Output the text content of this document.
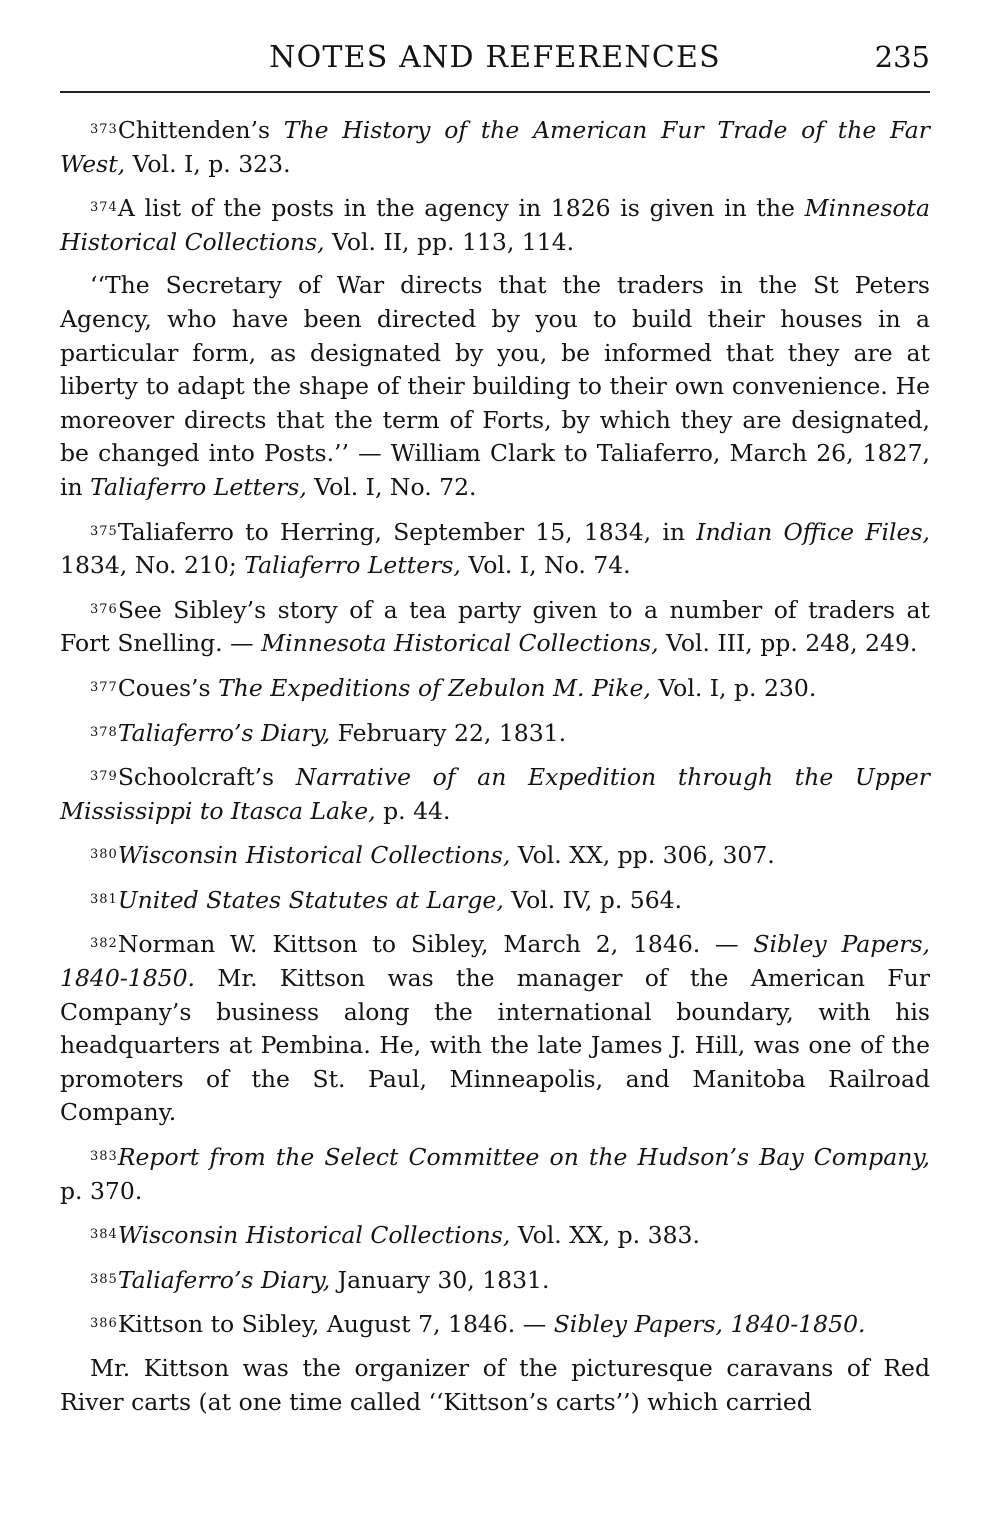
NOTES AND REFERENCES	235

$^{373}$Chittenden’s The History of the American Fur Trade of the Far West, Vol. I, p. 323.

$^{374}$A list of the posts in the agency in 1826 is given in the Minnesota Historical Collections, Vol. II, pp. 113, 114.

‘‘The Secretary of War directs that the traders in the St Peters Agency, who have been directed by you to build their houses in a particular form, as designated by you, be informed that they are at liberty to adapt the shape of their building to their own convenience. He moreover directs that the term of Forts, by which they are designated, be changed into Posts.’’ — William Clark to Taliaferro, March 26, 1827, in Taliaferro Letters, Vol. I, No. 72.

$^{375}$Taliaferro to Herring, September 15, 1834, in Indian Office Files, 1834, No. 210; Taliaferro Letters, Vol. I, No. 74.

$^{376}$See Sibley’s story of a tea party given to a number of traders at Fort Snelling. — Minnesota Historical Collections, Vol. III, pp. 248, 249.

$^{377}$Coues’s The Expeditions of Zebulon M. Pike, Vol. I, p. 230.

$^{378}$Taliaferro’s Diary, February 22, 1831.

$^{379}$Schoolcraft’s Narrative of an Expedition through the Upper Mississippi to Itasca Lake, p. 44.

$^{380}$Wisconsin Historical Collections, Vol. XX, pp. 306, 307.

$^{381}$United States Statutes at Large, Vol. IV, p. 564.

$^{382}$Norman W. Kittson to Sibley, March 2, 1846. — Sibley Papers, 1840-1850. Mr. Kittson was the manager of the American Fur Company’s business along the international boundary, with his headquarters at Pembina. He, with the late James J. Hill, was one of the promoters of the St. Paul, Minneapolis, and Manitoba Railroad Company.

$^{383}$Report from the Select Committee on the Hudson’s Bay Company, p. 370.

$^{384}$Wisconsin Historical Collections, Vol. XX, p. 383.

$^{385}$Taliaferro’s Diary, January 30, 1831.

$^{386}$Kittson to Sibley, August 7, 1846. — Sibley Papers, 1840-1850.

Mr. Kittson was the organizer of the picturesque caravans of Red River carts (at one time called ‘‘Kittson’s carts’’) which carried
